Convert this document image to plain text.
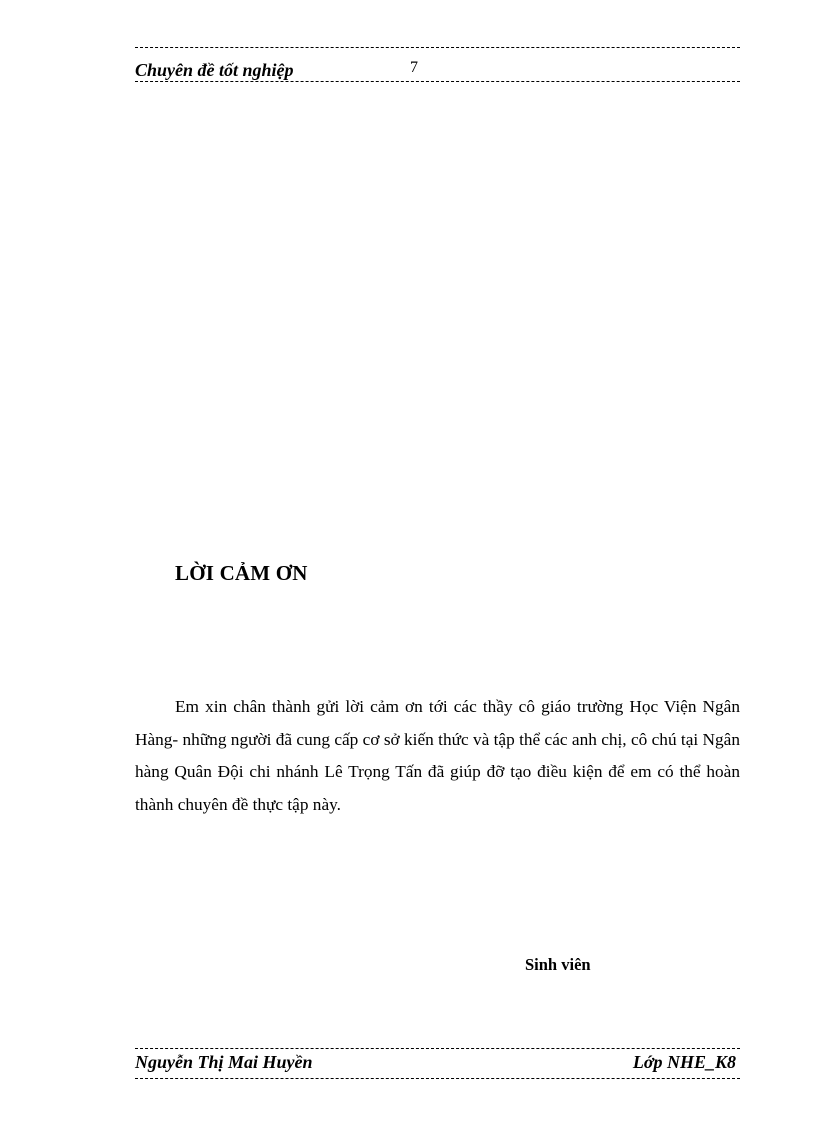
Chuyên đề tốt nghiệp	7
LỜI CẢM ƠN

Em xin chân thành gửi lời cảm ơn tới các thầy cô giáo trường Học Viện Ngân Hàng- những người đã cung cấp cơ sở kiến thức và tập thể các anh chị, cô chú tại Ngân hàng Quân Đội chi nhánh Lê Trọng Tấn đã giúp đỡ tạo điều kiện để em có thể hoàn thành chuyên đề thực tập này.

Sinh viên
Nguyễn Thị Mai Huyền	Lớp NHE_K8
